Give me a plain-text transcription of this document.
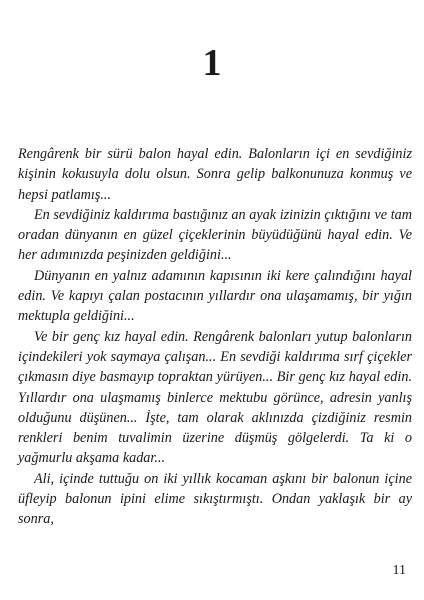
1

Rengârenk bir sürü balon hayal edin. Balonların içi en sevdiğiniz kişinin kokusuyla dolu olsun. Sonra gelip balkonunuza konmuş ve hepsi patlamış...

En sevdiğiniz kaldırıma bastığınız an ayak izinizin çıktığını ve tam oradan dünyanın en güzel çiçeklerinin büyüdüğünü hayal edin. Ve her adımınızda peşinizden geldiğini...

Dünyanın en yalnız adamının kapısının iki kere çalındığını hayal edin. Ve kapıyı çalan postacının yıllardır ona ulaşamamış, bir yığın mektupla geldiğini...

Ve bir genç kız hayal edin. Rengârenk balonları yutup balonların içindekileri yok saymaya çalışan... En sevdiği kaldırıma sırf çiçekler çıkmasın diye basmayıp topraktan yürüyen... Bir genç kız hayal edin. Yıllardır ona ulaşmamış binlerce mektubu görünce, adresin yanlış olduğunu düşünen... İşte, tam olarak aklınızda çizdiğiniz resmin renkleri benim tuvalimin üzerine düşmüş gölgelerdi. Ta ki o yağmurlu akşama kadar...

Ali, içinde tuttuğu on iki yıllık kocaman aşkını bir balonun içine üfleyip balonun ipini elime sıkıştırmıştı. Ondan yaklaşık bir ay sonra,

11
